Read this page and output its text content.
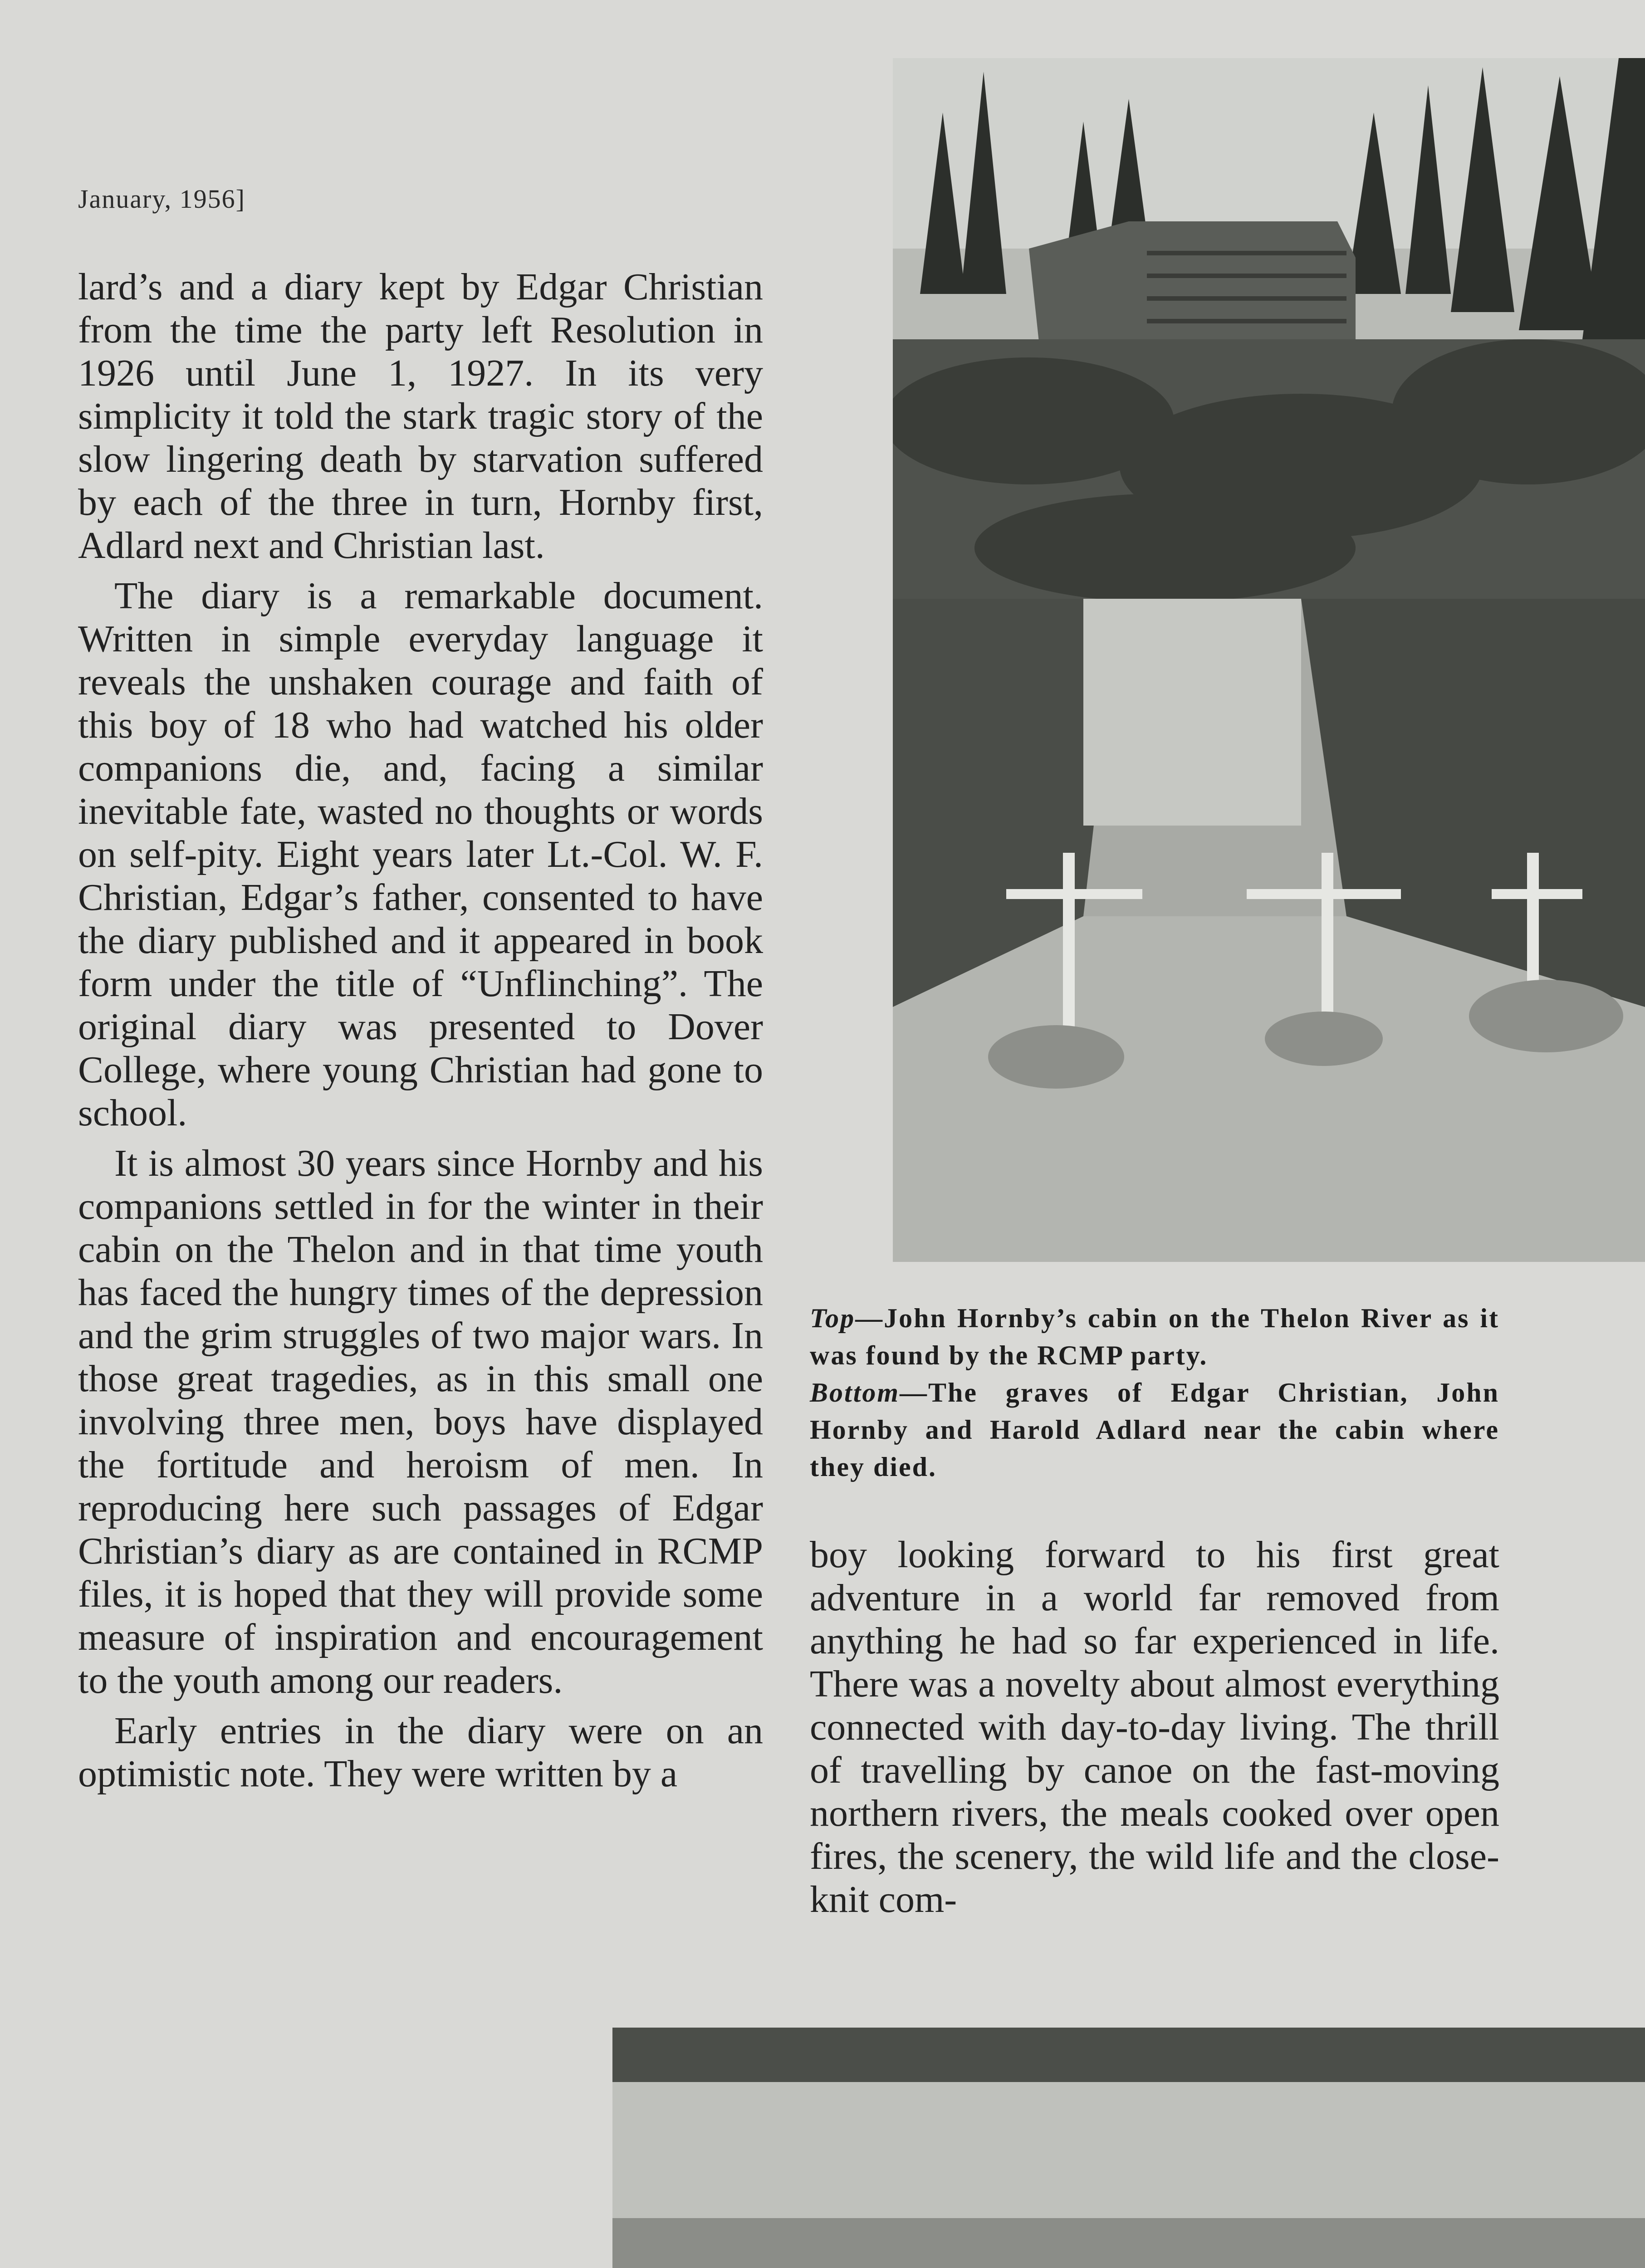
January, 1956]

lard’s and a diary kept by Edgar Christian from the time the party left Resolution in 1926 until June 1, 1927. In its very simplicity it told the stark tragic story of the slow lingering death by starvation suffered by each of the three in turn, Hornby first, Adlard next and Christian last.

The diary is a remarkable document. Written in simple everyday language it reveals the unshaken courage and faith of this boy of 18 who had watched his older companions die, and, facing a similar inevitable fate, wasted no thoughts or words on self-pity. Eight years later Lt.-Col. W. F. Christian, Edgar’s father, consented to have the diary published and it appeared in book form under the title of “Unflinching”. The original diary was presented to Dover College, where young Christian had gone to school.

It is almost 30 years since Hornby and his companions settled in for the winter in their cabin on the Thelon and in that time youth has faced the hungry times of the depression and the grim struggles of two major wars. In those great tragedies, as in this small one involving three men, boys have displayed the fortitude and heroism of men. In reproducing here such passages of Edgar Christian’s diary as are contained in RCMP files, it is hoped that they will provide some measure of inspiration and encouragement to the youth among our readers.

Early entries in the diary were on an optimistic note. They were written by a

Top—John Hornby’s cabin on the Thelon River as it was found by the RCMP party.
Bottom—The graves of Edgar Christian, John Hornby and Harold Adlard near the cabin where they died.

boy looking forward to his first great adventure in a world far removed from anything he had so far experienced in life. There was a novelty about almost everything connected with day-to-day living. The thrill of travelling by canoe on the fast-moving northern rivers, the meals cooked over open fires, the scenery, the wild life and the close-knit com-
